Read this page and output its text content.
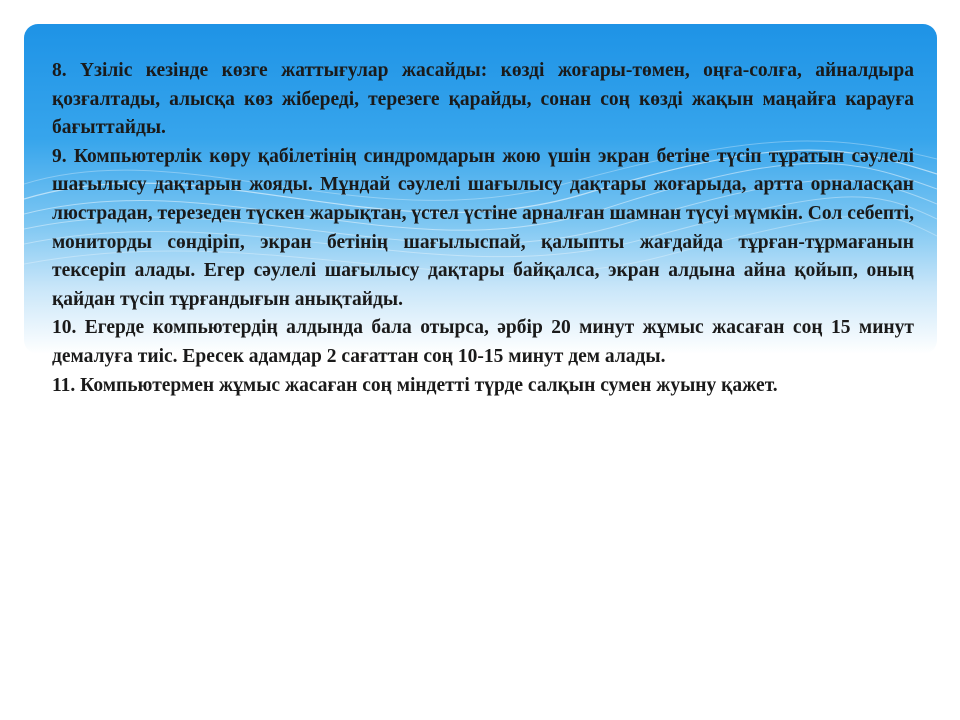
8. Үзіліс кезінде көзге жаттығулар жасайды: көзді жоғары-төмен, оңға-солға, айналдыра қозғалтады, алысқа көз жібереді, терезеге қарайды, сонан соң көзді жақын маңайға карауға бағыттайды.

9. Компьютерлік көру қабілетінің синдромдарын жою үшін экран бетіне түсіп тұратын сәулелі шағылысу дақтарын жояды. Мұндай сәулелі шағылысу дақтары жоғарыда, артта орналасқан люстрадан, терезеден түскен жарықтан, үстел үстіне арналған шамнан түсуі мүмкін. Сол себепті, мониторды сөндіріп, экран бетінің шағылыспай, қалыпты жағдайда тұрған-тұрмағанын тексеріп алады. Егер сәулелі шағылысу дақтары байқалса, экран алдына айна қойып, оның қайдан түсіп тұрғандығын анықтайды.

10. Егерде компьютердің алдында бала отырса, әрбір 20 минут жұмыс жасаған соң 15 минут демалуға тиіс. Ересек адамдар 2 сағаттан соң 10-15 минут дем алады.

11. Компьютермен жұмыс жасаған соң міндетті түрде салқын сумен жуыну қажет.
